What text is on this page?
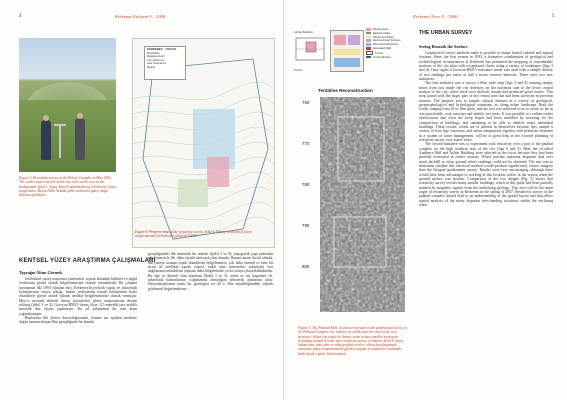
Kerkenes Eskiyeni 9 – 2006
4
Figure 1. Resistivity survey at the Palace Complex in May 2006. The south-eastern stretch of the city wall can be seen in the background. Şekil 1. Saray Yapı Grubunda direnç (rezistivite) yüzey araştırması, Mayıs 2006. Arkada şehir surlarının güney-doğu kolunun görülüyor.
KERKENES - YOZGAT
Resistivity
Magnetometry
City Defences
Late Structures
Roads
Figure 4. Progress map of the resistivity survey. Şekil 4. Direnç (rezistivite) yüzey araştırmasının ilerlemesini gösteren harita.
KENTSEL YÜZEY ARAŞTIRMA ÇALIŞMALARI
Toprağın Altını Görmek

Jeofiziksel yüzey araştırma yöntemleri, toprak altındaki kültürel ve doğal verilerinin görsel olarak belgelenmesine olanak vermektedir. Bu çalışma sezonunun ilki 1993 yılından beri, Kerkenes'in jeofizik yapısı ve arkeolojik kalıntılarının ortaya çıktığı, kentin yerleşimine büyük bölümünün fiziki tekniklerle görsel olarak yüksek netlikte belgelenmesine olanak vermiştir. Mevcu sezonda elektrik direnç (rezistivite) yüzey araştırmasına devam edilmiş (Şekil 3 ve 4). Geoscan RM15 direnç ölçer, 0,5 metrelik tarz aralıklı metrelik ikiz ölçüm yapılmıştır. Bu yıl çalışmanın iki yeni alanı yoğunlaşmıştır.

Bunlardan ilki jeferiz kuzeydoğusunda, hemen sur içinden merkeze doğru uzanan oluşan 60m genişliğinde bir alandır.

genişliğindeki dik mimarlık bir alandır (Şekil 3 ve 8); topografik yapı çukurdan göçleşmesiyle ilk, daha ziyade imtiyazlı olan alandır. Bunun amacı kırsal alanda, dik yüzeye uzanan çeşitli tekniklerin belgelenmesi, çok daha önemli ve hem bir fırsat ile özellikle toprak yüzeyi, farklı alan yöntemleri, arkeolojik veri dağılımının tekniklerin yapısını daha bölgelerinde ya da ortaya çıkartabilmektedir. Bu öğe ve düzenli olan alanların (Şekil 3 ve 5), resmi ev sur kapısının vb. arkeolojik kalıntılarının yoğunlaşma olmadığını belirterek alanlarına aittir. Dezavantajlarının resmi bir göstergesi ise 20 x 20m büyüklüğündeki yüksek gözlemsel değerlendirme...

Kerkenes News 9 – 2006	5
Ashlar Building
Trench
Private Areas
Bedrock Ashlar
Streets and Plaza
Reconstructed Surfaces
Reconstructed Stones
Excavated Wall
Trench
Trench Division
Tentative Reconstruction
760
770
780
790
800
Figure 5. The Palatial Hall, its plan at top and on the geophysical survey of the Palatial Complex, the relation of a dark lines the area of the new structure, which can easily be drawn, seem to have smaller structures recording around it in the new resistivity survey, at bottom. Şekil 5. Saray Salonu'nun, üstte plan ve altta geofizik veriler; alttan karşılaştırmalı rezistivite yüzey araştırmasında görülen yapılar ve yapıların etrafındaki daha küçük yapılar belirlenmiştir.
THE URBAN SURVEY
Seeing Beneath the Surface

Geophysical survey methods make it possible to image buried cultural and natural features. Since the first season in 1993, a formative combination of geological and archaeological circumstances at Kerkenes has permitted the mapping of considerable portions of the city plan with exceptional clarity using a variety of techniques (figs 3 and 4). Once again a Geoscan RM15 resistance meter was used with a sample density of two readings per metre at half a metre traverse intervals. There were two new initiatives.

The first initiative was a survey a 60m wide strip (figs 3 and 8) running steeply down from just inside the city defences on the northeast side to the lower central portion of the city where thick over difficult terrain had produced good results. This strip joined with the larger part of the central area that had been surveyed in previous seasons. The purpose was to sample cultural features in a variety of geological, geomorphological and hydrological situations, as along urban landscape. Both the width, ranging from 20 to 30m grids, and the loss was achieved so as to avoid; as far as was practicable, rock outcrops and unduly wet areas. It was possible to confirm earlier observations that even the steep slopes had been modified by terracing for the construction of buildings, and remaining to be able to identify many individual buildings. These results, which are of interest in themselves because they sample a variety of Iron Age structures and urban components together with primitive elements in a system of water management, will be of great help in the forward planning of resistivity survey over future years.

The second initiative was to experiment with resistivity over a part of the palatial complex on the high northern side of the city (figs 6 and 5). Here the so-called Audience Hall and Ashlar Building were selected as the focus because they had been partially excavated in earlier seasons. Where patches represent disparate data over much backfill or stony ground where readings could not be obtained. The aim was to determine whether this electrical method would produce significantly clearer imagery than the fluxgate gradiometer survey. Results were very encouraging, although there would have been advantages to working at this location earlier in the season when the ground surface was moister. Comparison of the two images (Fig. 5) shows that resistivity survey reveals many smaller buildings, which to this point had been partially masked by magnetic signals from the underlying geology. This area will be the main target of resistivity survey at Kerkenes in the spring of 2007. Resistivity survey of the palatial complex should lead to an understanding of the spatial layout and thus allow spatial analysis of the many disparate free-standing structures within the enclosing walls.
